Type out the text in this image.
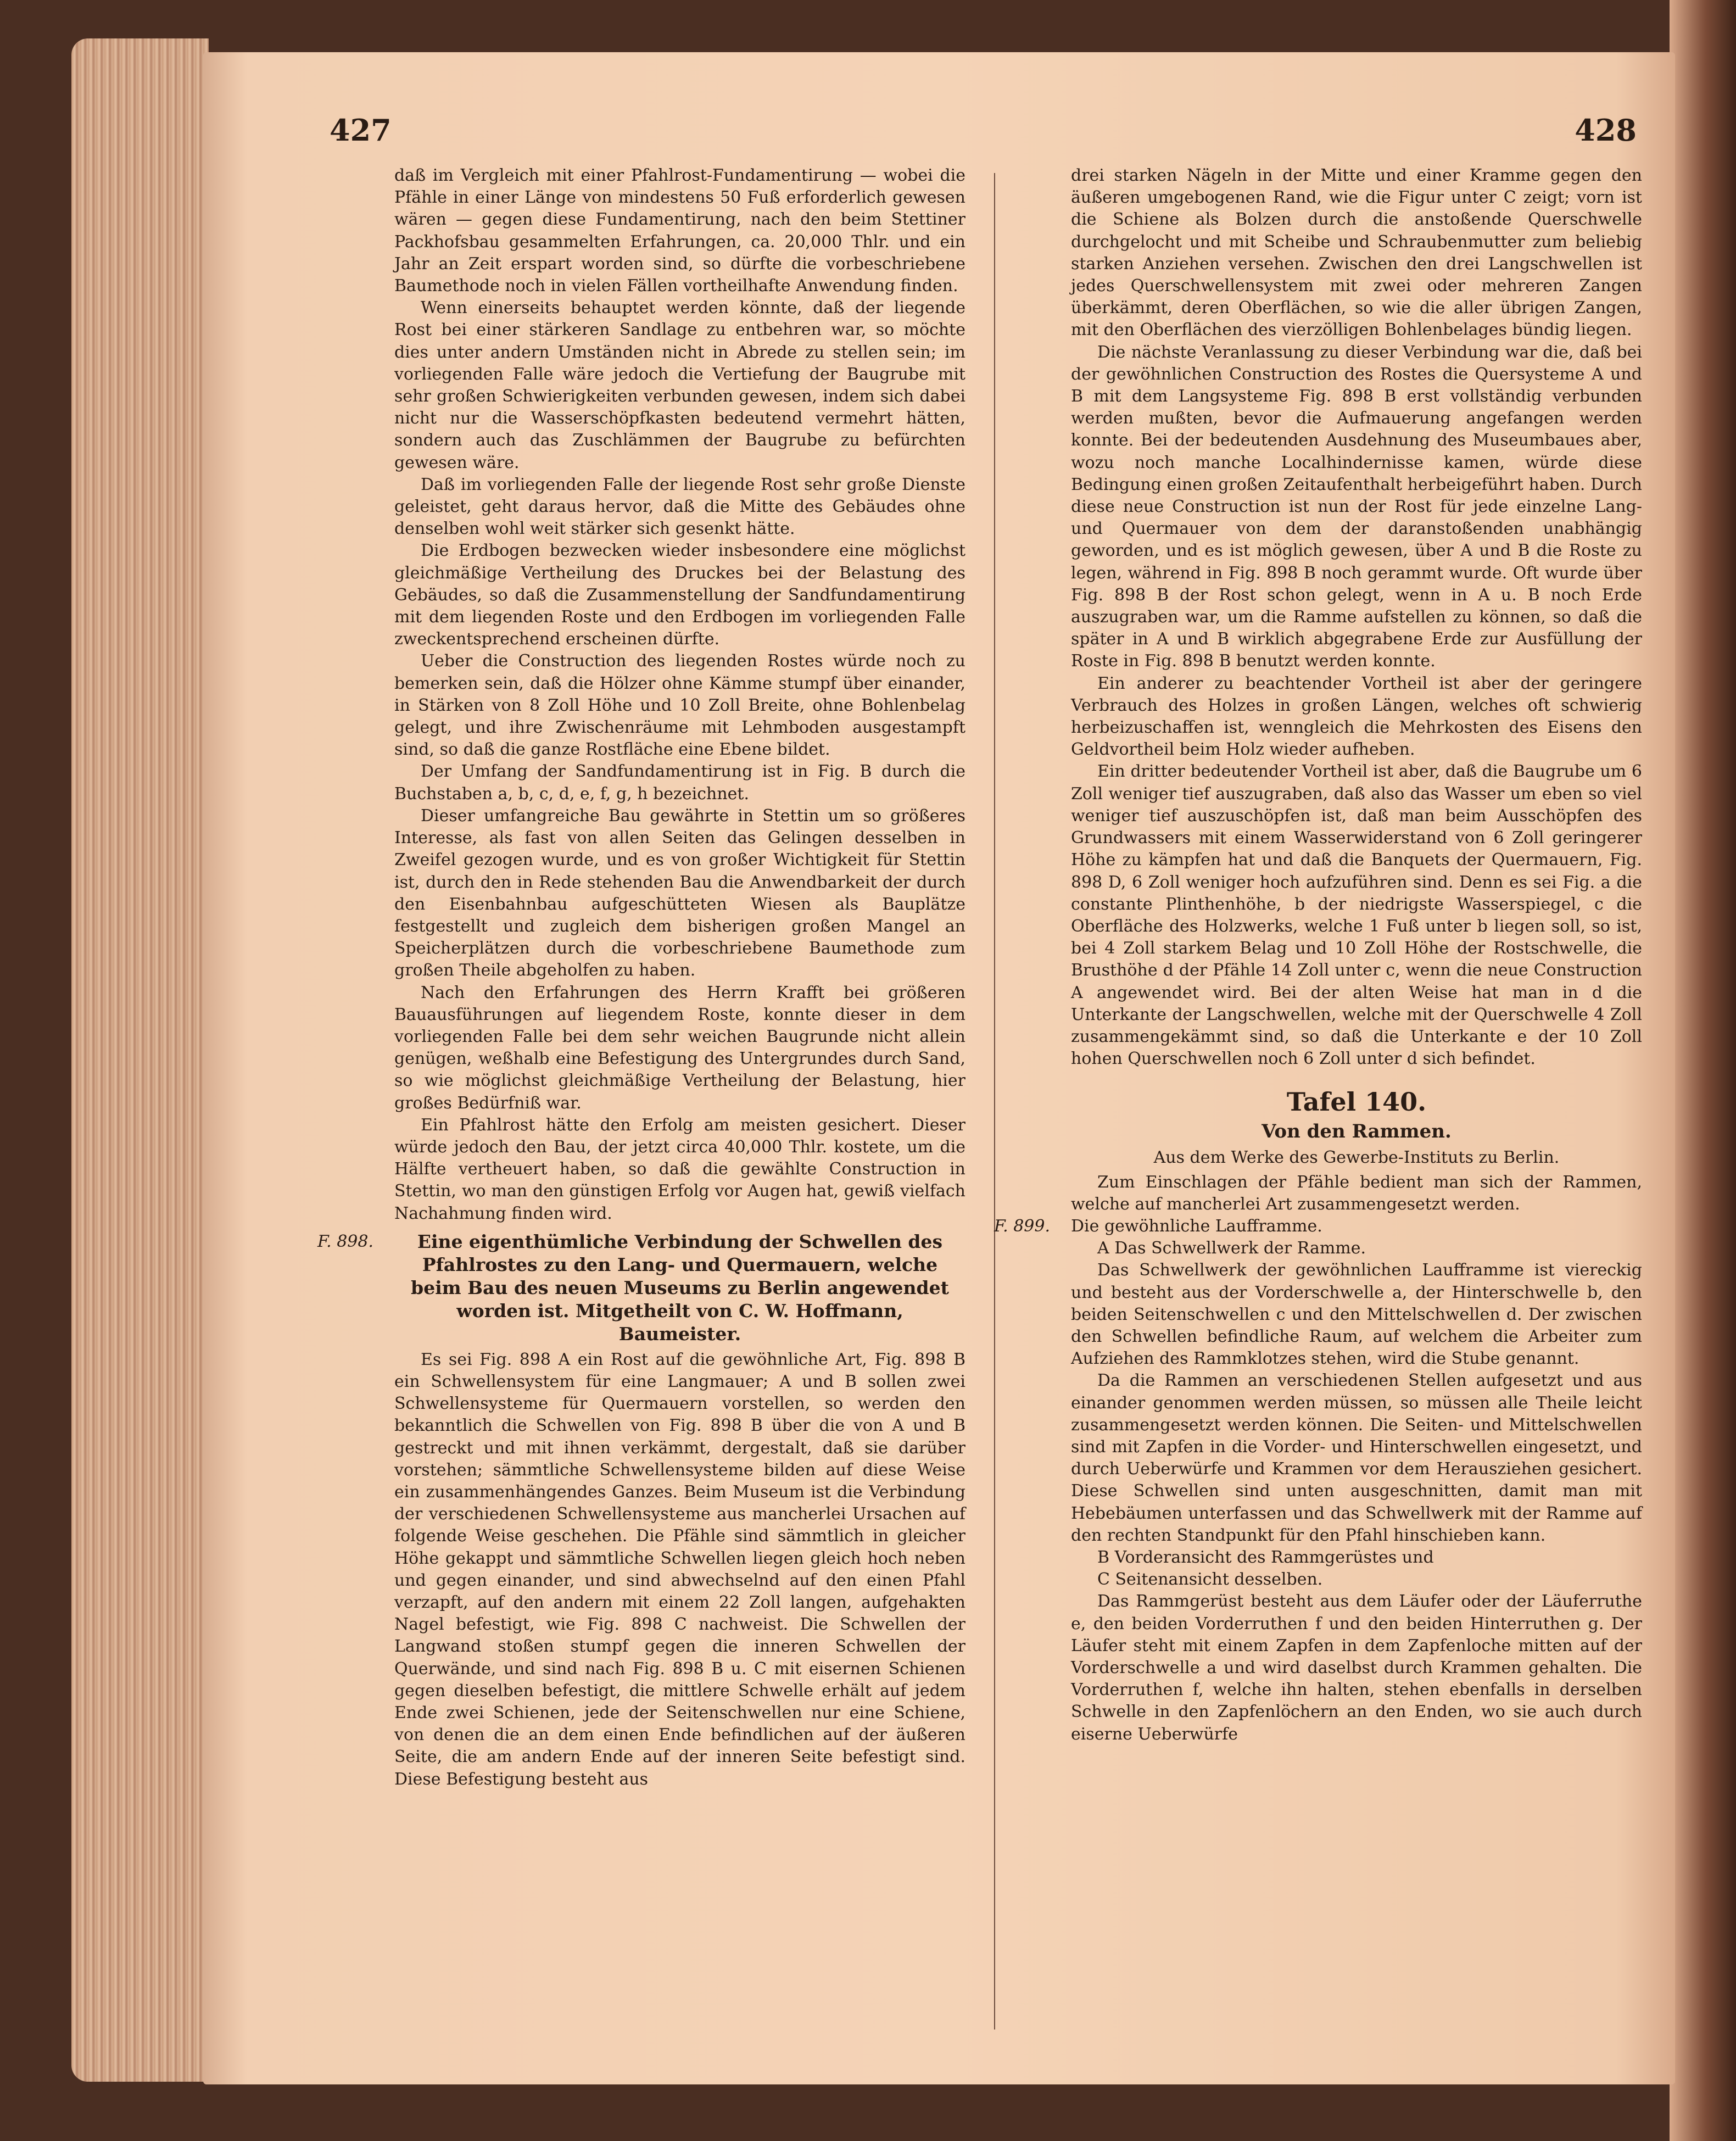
427	428

daß im Vergleich mit einer Pfahlrost-Fundamentirung — wobei die Pfähle in einer Länge von mindestens 50 Fuß erforderlich gewesen wären — gegen diese Fundamentirung, nach den beim Stettiner Packhofsbau gesammelten Erfahrungen, ca. 20,000 Thlr. und ein Jahr an Zeit erspart worden sind, so dürfte die vorbeschriebene Baumethode noch in vielen Fällen vortheilhafte Anwendung finden.

Wenn einerseits behauptet werden könnte, daß der liegende Rost bei einer stärkeren Sandlage zu entbehren war, so möchte dies unter andern Umständen nicht in Abrede zu stellen sein; im vorliegenden Falle wäre jedoch die Vertiefung der Baugrube mit sehr großen Schwierigkeiten verbunden gewesen, indem sich dabei nicht nur die Wasserschöpfkasten bedeutend vermehrt hätten, sondern auch das Zuschlämmen der Baugrube zu befürchten gewesen wäre.

Daß im vorliegenden Falle der liegende Rost sehr große Dienste geleistet, geht daraus hervor, daß die Mitte des Gebäudes ohne denselben wohl weit stärker sich gesenkt hätte.

Die Erdbogen bezwecken wieder insbesondere eine möglichst gleichmäßige Vertheilung des Druckes bei der Belastung des Gebäudes, so daß die Zusammenstellung der Sandfundamentirung mit dem liegenden Roste und den Erdbogen im vorliegenden Falle zweckentsprechend erscheinen dürfte.

Ueber die Construction des liegenden Rostes würde noch zu bemerken sein, daß die Hölzer ohne Kämme stumpf über einander, in Stärken von 8 Zoll Höhe und 10 Zoll Breite, ohne Bohlenbelag gelegt, und ihre Zwischenräume mit Lehmboden ausgestampft sind, so daß die ganze Rostfläche eine Ebene bildet.

Der Umfang der Sandfundamentirung ist in Fig. B durch die Buchstaben a, b, c, d, e, f, g, h bezeichnet.

Dieser umfangreiche Bau gewährte in Stettin um so größeres Interesse, als fast von allen Seiten das Gelingen desselben in Zweifel gezogen wurde, und es von großer Wichtigkeit für Stettin ist, durch den in Rede stehenden Bau die Anwendbarkeit der durch den Eisenbahnbau aufgeschütteten Wiesen als Bauplätze festgestellt und zugleich dem bisherigen großen Mangel an Speicherplätzen durch die vorbeschriebene Baumethode zum großen Theile abgeholfen zu haben.

Nach den Erfahrungen des Herrn Krafft bei größeren Bauausführungen auf liegendem Roste, konnte dieser in dem vorliegenden Falle bei dem sehr weichen Baugrunde nicht allein genügen, weßhalb eine Befestigung des Untergrundes durch Sand, so wie möglichst gleichmäßige Vertheilung der Belastung, hier großes Bedürfniß war.

Ein Pfahlrost hätte den Erfolg am meisten gesichert. Dieser würde jedoch den Bau, der jetzt circa 40,000 Thlr. kostete, um die Hälfte vertheuert haben, so daß die gewählte Construction in Stettin, wo man den günstigen Erfolg vor Augen hat, gewiß vielfach Nachahmung finden wird.

F. 898. Eine eigenthümliche Verbindung der Schwellen des Pfahlrostes zu den Lang- und Quermauern, welche beim Bau des neuen Museums zu Berlin angewendet worden ist. Mitgetheilt von C. W. Hoffmann, Baumeister.

Es sei Fig. 898 A ein Rost auf die gewöhnliche Art, Fig. 898 B ein Schwellensystem für eine Langmauer; A und B sollen zwei Schwellensysteme für Quermauern vorstellen, so werden den bekanntlich die Schwellen von Fig. 898 B über die von A und B gestreckt und mit ihnen verkämmt, dergestalt, daß sie darüber vorstehen; sämmtliche Schwellensysteme bilden auf diese Weise ein zusammenhängendes Ganzes. Beim Museum ist die Verbindung der verschiedenen Schwellensysteme aus mancherlei Ursachen auf folgende Weise geschehen. Die Pfähle sind sämmtlich in gleicher Höhe gekappt und sämmtliche Schwellen liegen gleich hoch neben und gegen einander, und sind abwechselnd auf den einen Pfahl verzapft, auf den andern mit einem 22 Zoll langen, aufgehakten Nagel befestigt, wie Fig. 898 C nachweist. Die Schwellen der Langwand stoßen stumpf gegen die inneren Schwellen der Querwände, und sind nach Fig. 898 B u. C mit eisernen Schienen gegen dieselben befestigt, die mittlere Schwelle erhält auf jedem Ende zwei Schienen, jede der Seitenschwellen nur eine Schiene, von denen die an dem einen Ende befindlichen auf der äußeren Seite, die am andern Ende auf der inneren Seite befestigt sind. Diese Befestigung besteht aus

drei starken Nägeln in der Mitte und einer Kramme gegen den äußeren umgebogenen Rand, wie die Figur unter C zeigt; vorn ist die Schiene als Bolzen durch die anstoßende Querschwelle durchgelocht und mit Scheibe und Schraubenmutter zum beliebig starken Anziehen versehen. Zwischen den drei Langschwellen ist jedes Querschwellensystem mit zwei oder mehreren Zangen überkämmt, deren Oberflächen, so wie die aller übrigen Zangen, mit den Oberflächen des vierzölligen Bohlenbelages bündig liegen.

Die nächste Veranlassung zu dieser Verbindung war die, daß bei der gewöhnlichen Construction des Rostes die Quersysteme A und B mit dem Langsysteme Fig. 898 B erst vollständig verbunden werden mußten, bevor die Aufmauerung angefangen werden konnte. Bei der bedeutenden Ausdehnung des Museumbaues aber, wozu noch manche Localhindernisse kamen, würde diese Bedingung einen großen Zeitaufenthalt herbeigeführt haben. Durch diese neue Construction ist nun der Rost für jede einzelne Lang- und Quermauer von dem der daranstoßenden unabhängig geworden, und es ist möglich gewesen, über A und B die Roste zu legen, während in Fig. 898 B noch gerammt wurde. Oft wurde über Fig. 898 B der Rost schon gelegt, wenn in A u. B noch Erde auszugraben war, um die Ramme aufstellen zu können, so daß die später in A und B wirklich abgegrabene Erde zur Ausfüllung der Roste in Fig. 898 B benutzt werden konnte.

Ein anderer zu beachtender Vortheil ist aber der geringere Verbrauch des Holzes in großen Längen, welches oft schwierig herbeizuschaffen ist, wenngleich die Mehrkosten des Eisens den Geldvortheil beim Holz wieder aufheben.

Ein dritter bedeutender Vortheil ist aber, daß die Baugrube um 6 Zoll weniger tief auszugraben, daß also das Wasser um eben so viel weniger tief auszuschöpfen ist, daß man beim Ausschöpfen des Grundwassers mit einem Wasserwiderstand von 6 Zoll geringerer Höhe zu kämpfen hat und daß die Banquets der Quermauern, Fig. 898 D, 6 Zoll weniger hoch aufzuführen sind. Denn es sei Fig. a die constante Plinthenhöhe, b der niedrigste Wasserspiegel, c die Oberfläche des Holzwerks, welche 1 Fuß unter b liegen soll, so ist, bei 4 Zoll starkem Belag und 10 Zoll Höhe der Rostschwelle, die Brusthöhe d der Pfähle 14 Zoll unter c, wenn die neue Construction A angewendet wird. Bei der alten Weise hat man in d die Unterkante der Langschwellen, welche mit der Querschwelle 4 Zoll zusammengekämmt sind, so daß die Unterkante e der 10 Zoll hohen Querschwellen noch 6 Zoll unter d sich befindet.

Tafel 140.
Von den Rammen.

Aus dem Werke des Gewerbe-Instituts zu Berlin.

Zum Einschlagen der Pfähle bedient man sich der Rammen, welche auf mancherlei Art zusammengesetzt werden.

F. 899. Die gewöhnliche Laufframme.

A Das Schwellwerk der Ramme.

Das Schwellwerk der gewöhnlichen Laufframme ist viereckig und besteht aus der Vorderschwelle a, der Hinterschwelle b, den beiden Seitenschwellen c und den Mittelschwellen d. Der zwischen den Schwellen befindliche Raum, auf welchem die Arbeiter zum Aufziehen des Rammklotzes stehen, wird die Stube genannt.

Da die Rammen an verschiedenen Stellen aufgesetzt und aus einander genommen werden müssen, so müssen alle Theile leicht zusammengesetzt werden können. Die Seiten- und Mittelschwellen sind mit Zapfen in die Vorder- und Hinterschwellen eingesetzt, und durch Ueberwürfe und Krammen vor dem Herausziehen gesichert. Diese Schwellen sind unten ausgeschnitten, damit man mit Hebebäumen unterfassen und das Schwellwerk mit der Ramme auf den rechten Standpunkt für den Pfahl hinschieben kann.

B Vorderansicht des Rammgerüstes und

C Seitenansicht desselben.

Das Rammgerüst besteht aus dem Läufer oder der Läuferruthe e, den beiden Vorderruthen f und den beiden Hinterruthen g. Der Läufer steht mit einem Zapfen in dem Zapfenloche mitten auf der Vorderschwelle a und wird daselbst durch Krammen gehalten. Die Vorderruthen f, welche ihn halten, stehen ebenfalls in derselben Schwelle in den Zapfenlöchern an den Enden, wo sie auch durch eiserne Ueberwürfe
